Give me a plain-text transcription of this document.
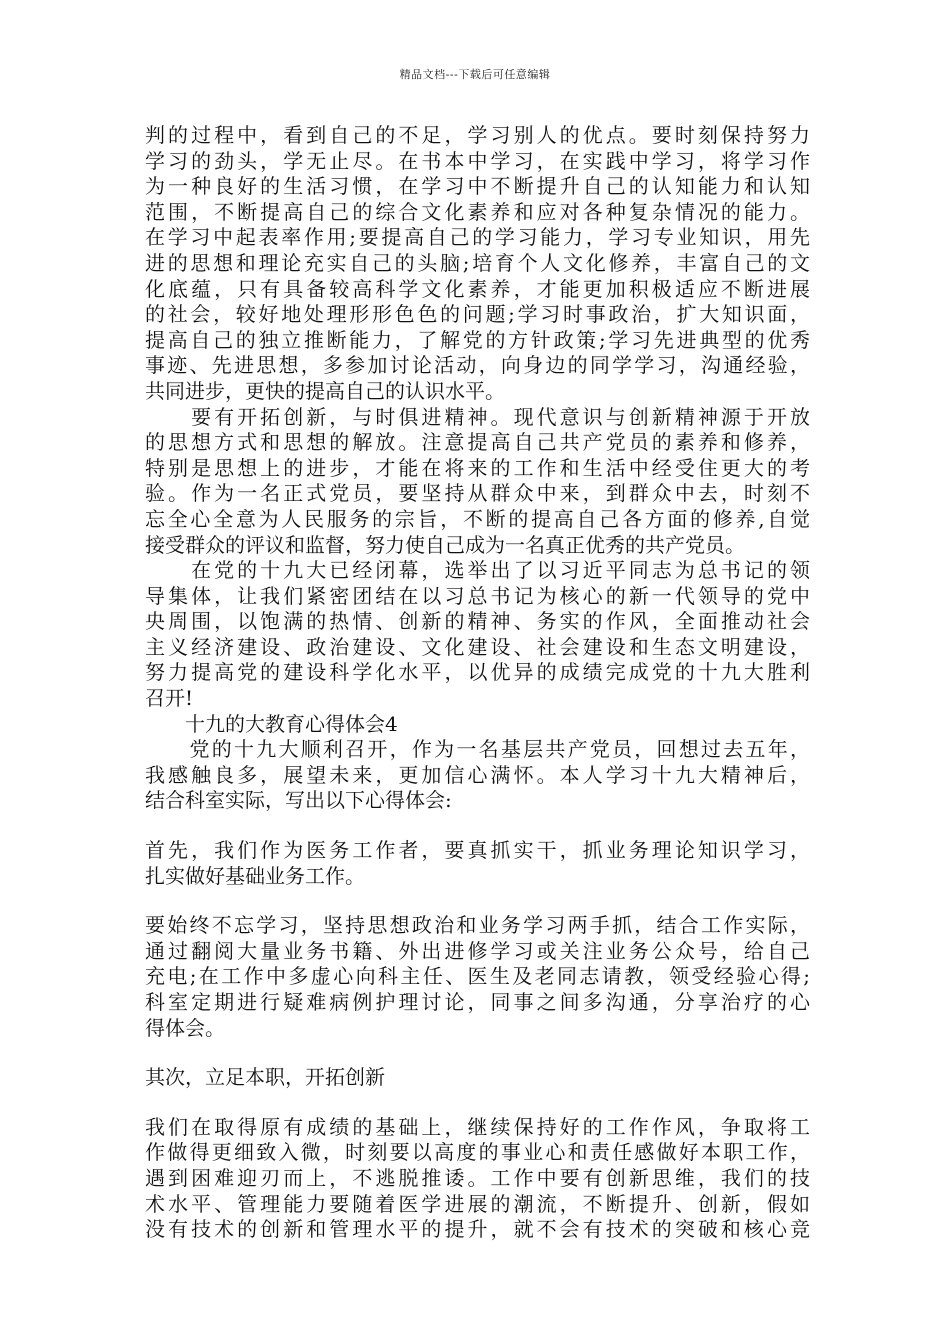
精品文档---下载后可任意编辑
判的过程中，看到自己的不足，学习别人的优点。要时刻保持努力
学习的劲头，学无止尽。在书本中学习，在实践中学习，将学习作
为一种良好的生活习惯，在学习中不断提升自己的认知能力和认知
范围，不断提高自己的综合文化素养和应对各种复杂情况的能力。
在学习中起表率作用;要提高自己的学习能力，学习专业知识，用先
进的思想和理论充实自己的头脑;培育个人文化修养，丰富自己的文
化底蕴，只有具备较高科学文化素养，才能更加积极适应不断进展
的社会，较好地处理形形色色的问题;学习时事政治，扩大知识面，
提高自己的独立推断能力，了解党的方针政策;学习先进典型的优秀
事迹、先进思想，多参加讨论活动，向身边的同学学习，沟通经验，
共同进步，更快的提高自己的认识水平。
　　要有开拓创新，与时俱进精神。现代意识与创新精神源于开放
的思想方式和思想的解放。注意提高自己共产党员的素养和修养，
特别是思想上的进步，才能在将来的工作和生活中经受住更大的考
验。作为一名正式党员，要坚持从群众中来，到群众中去，时刻不
忘全心全意为人民服务的宗旨，不断的提高自己各方面的修养,自觉
接受群众的评议和监督，努力使自己成为一名真正优秀的共产党员。
　　在党的十九大已经闭幕，选举出了以习近平同志为总书记的领
导集体，让我们紧密团结在以习总书记为核心的新一代领导的党中
央周围，以饱满的热情、创新的精神、务实的作风，全面推动社会
主义经济建设、政治建设、文化建设、社会建设和生态文明建设，
努力提高党的建设科学化水平，以优异的成绩完成党的十九大胜利
召开!
　　十九的大教育心得体会4
　　党的十九大顺利召开，作为一名基层共产党员，回想过去五年，
我感触良多，展望未来，更加信心满怀。本人学习十九大精神后，
结合科室实际，写出以下心得体会:
首先，我们作为医务工作者，要真抓实干，抓业务理论知识学习，
扎实做好基础业务工作。
要始终不忘学习，坚持思想政治和业务学习两手抓，结合工作实际，
通过翻阅大量业务书籍、外出进修学习或关注业务公众号，给自己
充电;在工作中多虚心向科主任、医生及老同志请教，领受经验心得;
科室定期进行疑难病例护理讨论，同事之间多沟通，分享治疗的心
得体会。
其次，立足本职，开拓创新
我们在取得原有成绩的基础上，继续保持好的工作作风，争取将工
作做得更细致入微，时刻要以高度的事业心和责任感做好本职工作，
遇到困难迎刃而上，不逃脱推诿。工作中要有创新思维，我们的技
术水平、管理能力要随着医学进展的潮流，不断提升、创新，假如
没有技术的创新和管理水平的提升，就不会有技术的突破和核心竞
